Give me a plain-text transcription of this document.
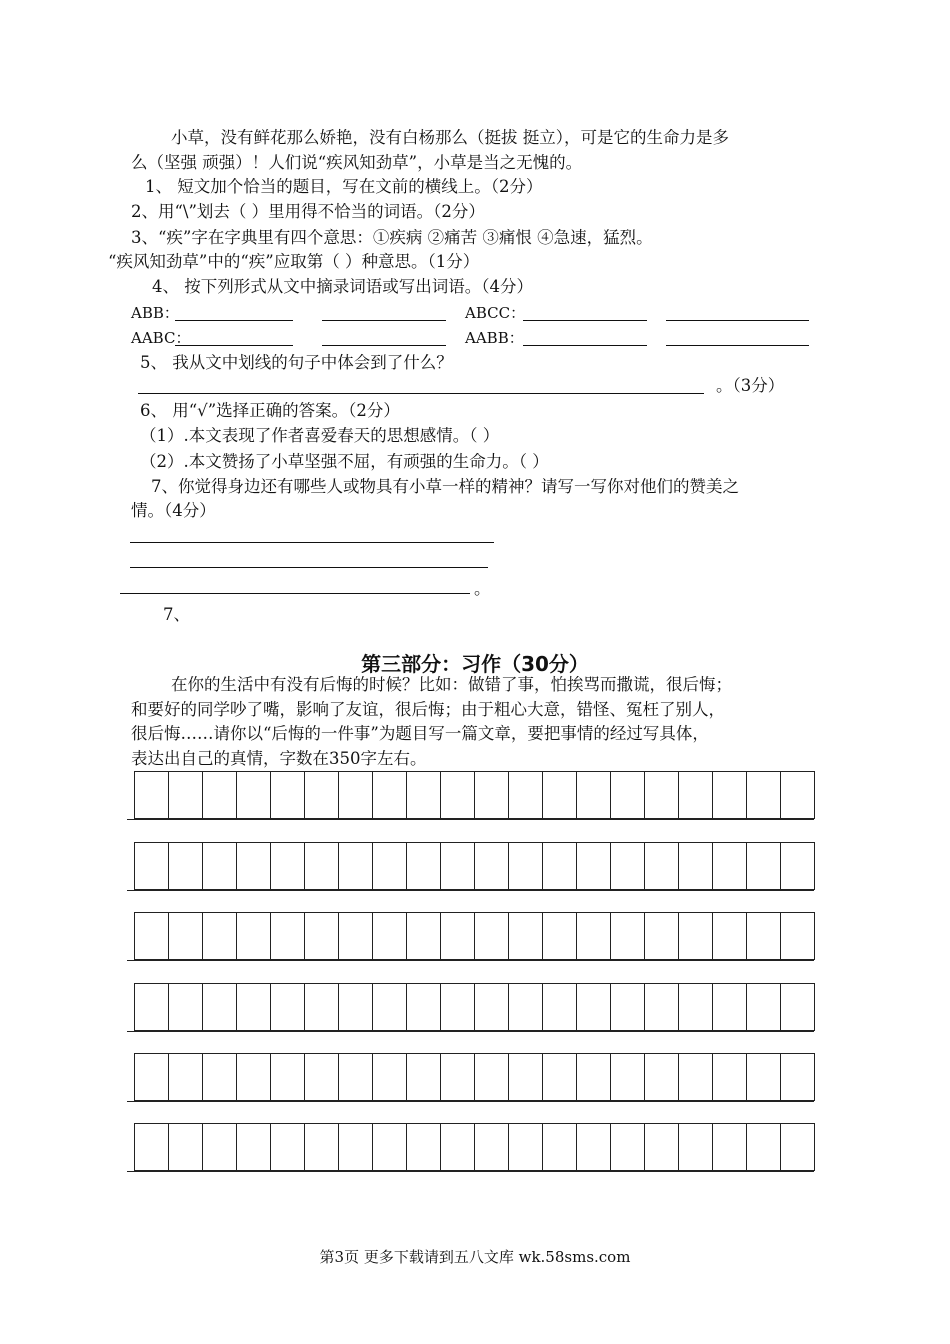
小草，没有鲜花那么娇艳，没有白杨那么（挺拔 挺立），可是它的生命力是多
么（坚强 顽强）！人们说“疾风知劲草”，小草是当之无愧的。
1、 短文加个恰当的题目，写在文前的横线上。（2分）
2、用“\”划去（ ）里用得不恰当的词语。（2分）
3、“疾”字在字典里有四个意思：①疾病 ②痛苦 ③痛恨 ④急速，猛烈。
“疾风知劲草”中的“疾”应取第（ ）种意思。（1分）
4、 按下列形式从文中摘录词语或写出词语。（4分）
ABB：	ABCC：
AABC：	AABB：
5、 我从文中划线的句子中体会到了什么？
。（3分）
6、 用“√”选择正确的答案。（2分）
（1）.本文表现了作者喜爱春天的思想感情。（ ）
（2）.本文赞扬了小草坚强不屈，有顽强的生命力。（ ）
7、你觉得身边还有哪些人或物具有小草一样的精神？请写一写你对他们的赞美之
情。（4分）
。
7、
第三部分：习作（30分）
在你的生活中有没有后悔的时候？比如：做错了事，怕挨骂而撒谎，很后悔；
和要好的同学吵了嘴，影响了友谊，很后悔；由于粗心大意，错怪、冤枉了别人，
很后悔……请你以“后悔的一件事”为题目写一篇文章，要把事情的经过写具体，
表达出自己的真情，字数在350字左右。
第3页 更多下载请到五八文库 wk.58sms.com
